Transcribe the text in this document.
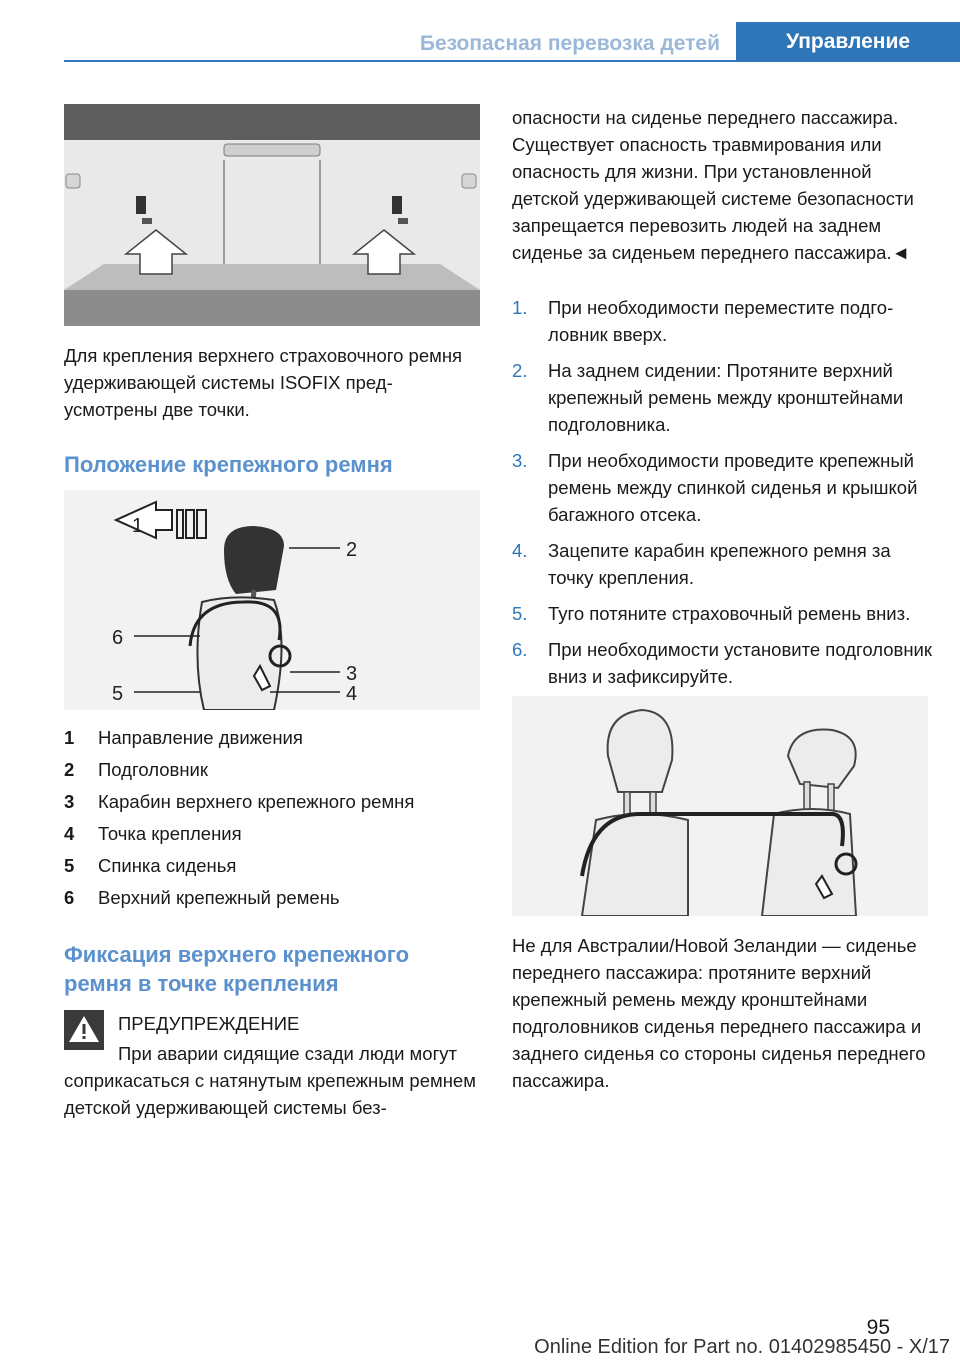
Безопасная перевозка детей	Управление
Для крепления верхнего страховочного ремня удерживающей системы ISOFIX предусмотрены две точки.
Положение крепежного ремня
1
2
6
3
5	4
1	Направление движения
2	Подголовник
3	Карабин верхнего крепежного ремня
4	Точка крепления
5	Спинка сиденья
6	Верхний крепежный ремень
Фиксация верхнего крепежного ремня в точке крепления
ПРЕДУПРЕЖДЕНИЕ
При аварии сидящие сзади люди могут
соприкасаться с натянутым крепежным ремнем детской удерживающей системы без-
опасности на сиденье переднего пассажира. Существует опасность травмирования или опасность для жизни. При установленной детской удерживающей системе безопасности запрещается перевозить людей на заднем сиденье за сиденьем переднего пассажира.◄
1.	При необходимости переместите подголовник вверх.
2.	На заднем сидении: Протяните верхний крепежный ремень между кронштейнами подголовника.
3.	При необходимости проведите крепежный ремень между спинкой сиденья и крышкой багажного отсека.
4.	Зацепите карабин крепежного ремня за точку крепления.
5.	Туго потяните страховочный ремень вниз.
6.	При необходимости установите подголовник вниз и зафиксируйте.
Не для Австралии/Новой Зеландии — сиденье переднего пассажира: протяните верхний крепежный ремень между кронштейнами подголовников сиденья переднего пассажира и заднего сиденья со стороны сиденья переднего пассажира.
95
Online Edition for Part no. 01402985450 - X/17
